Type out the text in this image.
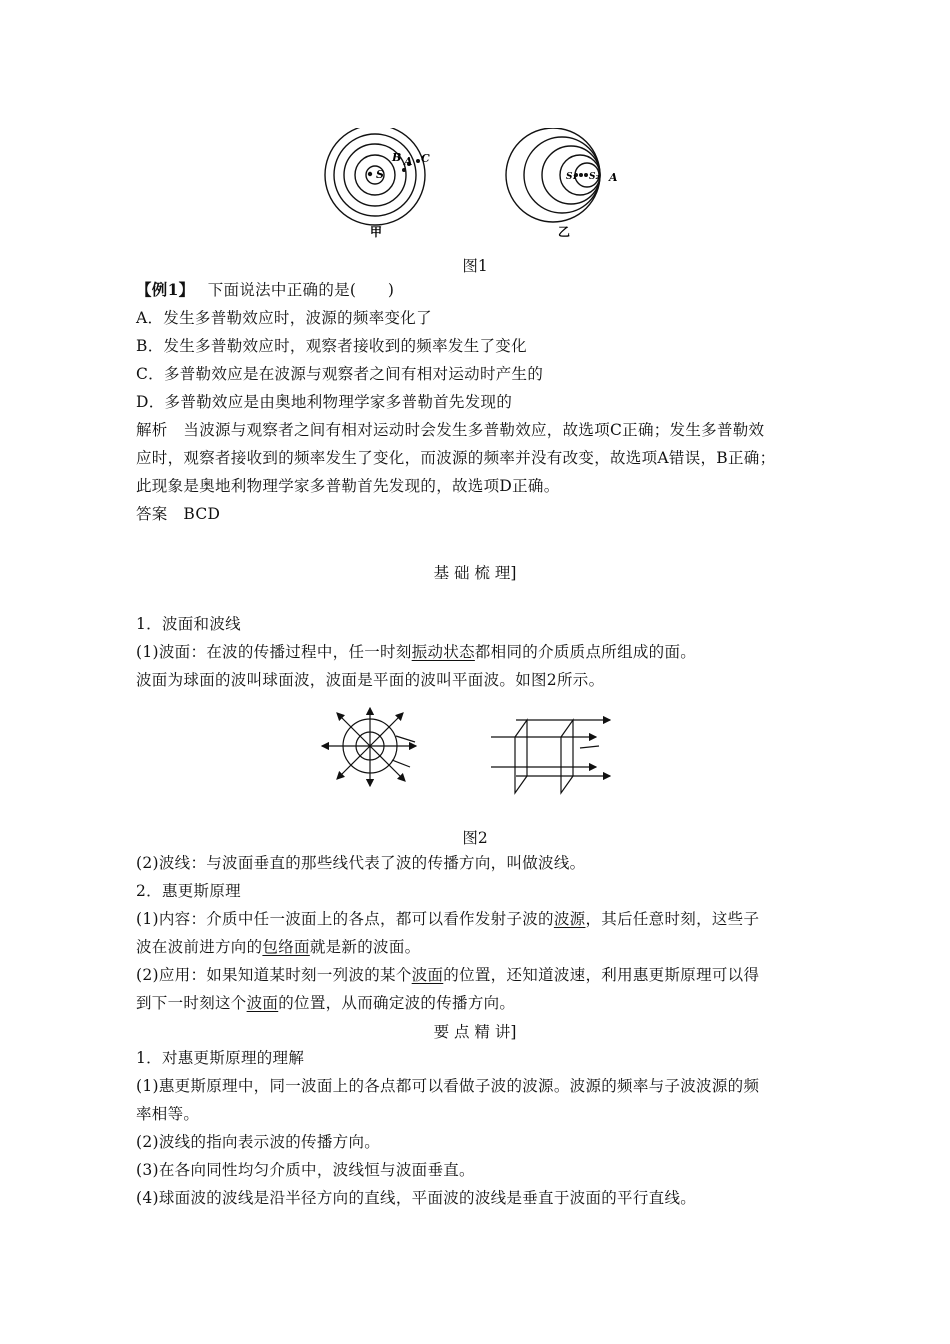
S
B A C
S₁ S₂ A
甲	乙
图1
【例1】 下面说法中正确的是(　　)
A．发生多普勒效应时，波源的频率变化了
B．发生多普勒效应时，观察者接收到的频率发生了变化
C．多普勒效应是在波源与观察者之间有相对运动时产生的
D．多普勒效应是由奥地利物理学家多普勒首先发现的
解析　当波源与观察者之间有相对运动时会发生多普勒效应，故选项C正确；发生多普勒效
应时，观察者接收到的频率发生了变化，而波源的频率并没有改变，故选项A错误，B正确；
此现象是奥地利物理学家多普勒首先发现的，故选项D正确。
答案　BCD
基 础 梳 理]
1．波面和波线
(1)波面：在波的传播过程中，任一时刻振动状态都相同的介质质点所组成的面。
波面为球面的波叫球面波，波面是平面的波叫平面波。如图2所示。
图2
(2)波线：与波面垂直的那些线代表了波的传播方向，叫做波线。
2．惠更斯原理
(1)内容：介质中任一波面上的各点，都可以看作发射子波的波源，其后任意时刻，这些子
波在波前进方向的包络面就是新的波面。
(2)应用：如果知道某时刻一列波的某个波面的位置，还知道波速，利用惠更斯原理可以得
到下一时刻这个波面的位置，从而确定波的传播方向。
要 点 精 讲]
1．对惠更斯原理的理解
(1)惠更斯原理中，同一波面上的各点都可以看做子波的波源。波源的频率与子波波源的频
率相等。
(2)波线的指向表示波的传播方向。
(3)在各向同性均匀介质中，波线恒与波面垂直。
(4)球面波的波线是沿半径方向的直线，平面波的波线是垂直于波面的平行直线。
